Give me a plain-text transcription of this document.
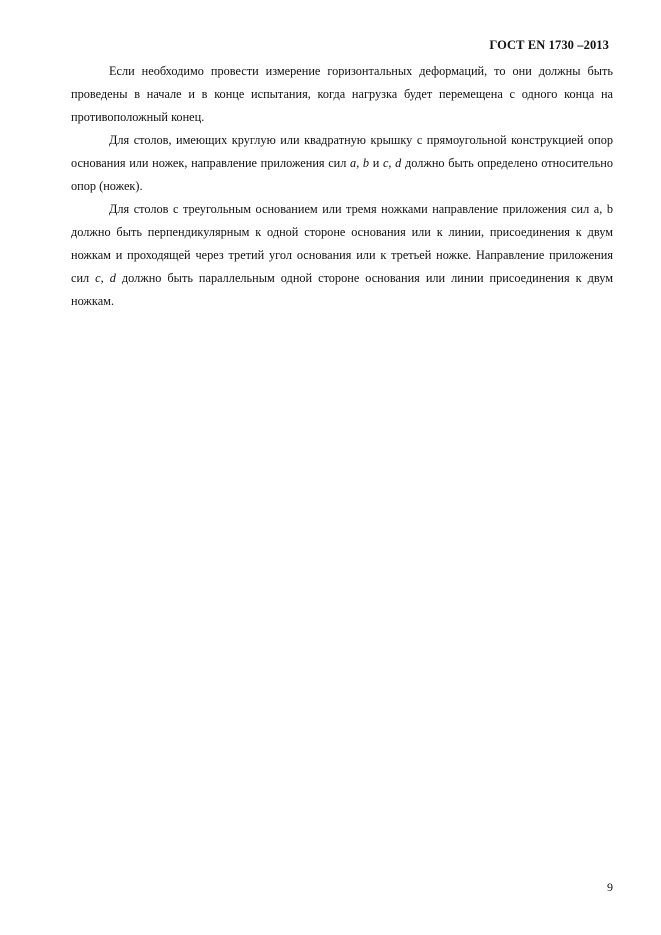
ГОСТ EN 1730 –2013

Если необходимо провести измерение горизонтальных деформаций, то они должны быть проведены в начале и в конце испытания, когда нагрузка будет перемещена с одного конца на противоположный конец.

Для столов, имеющих круглую или квадратную крышку с прямоугольной конструкцией опор основания или ножек, направление приложения сил a, b и c, d должно быть определено относительно опор (ножек).

Для столов с треугольным основанием или тремя ножками направление приложения сил a, b должно быть перпендикулярным к одной стороне основания или к линии, присоединения к двум ножкам и проходящей через третий угол основания или к третьей ножке. Направление приложения сил c, d должно быть параллельным одной стороне основания или линии присоединения к двум ножкам.

9
